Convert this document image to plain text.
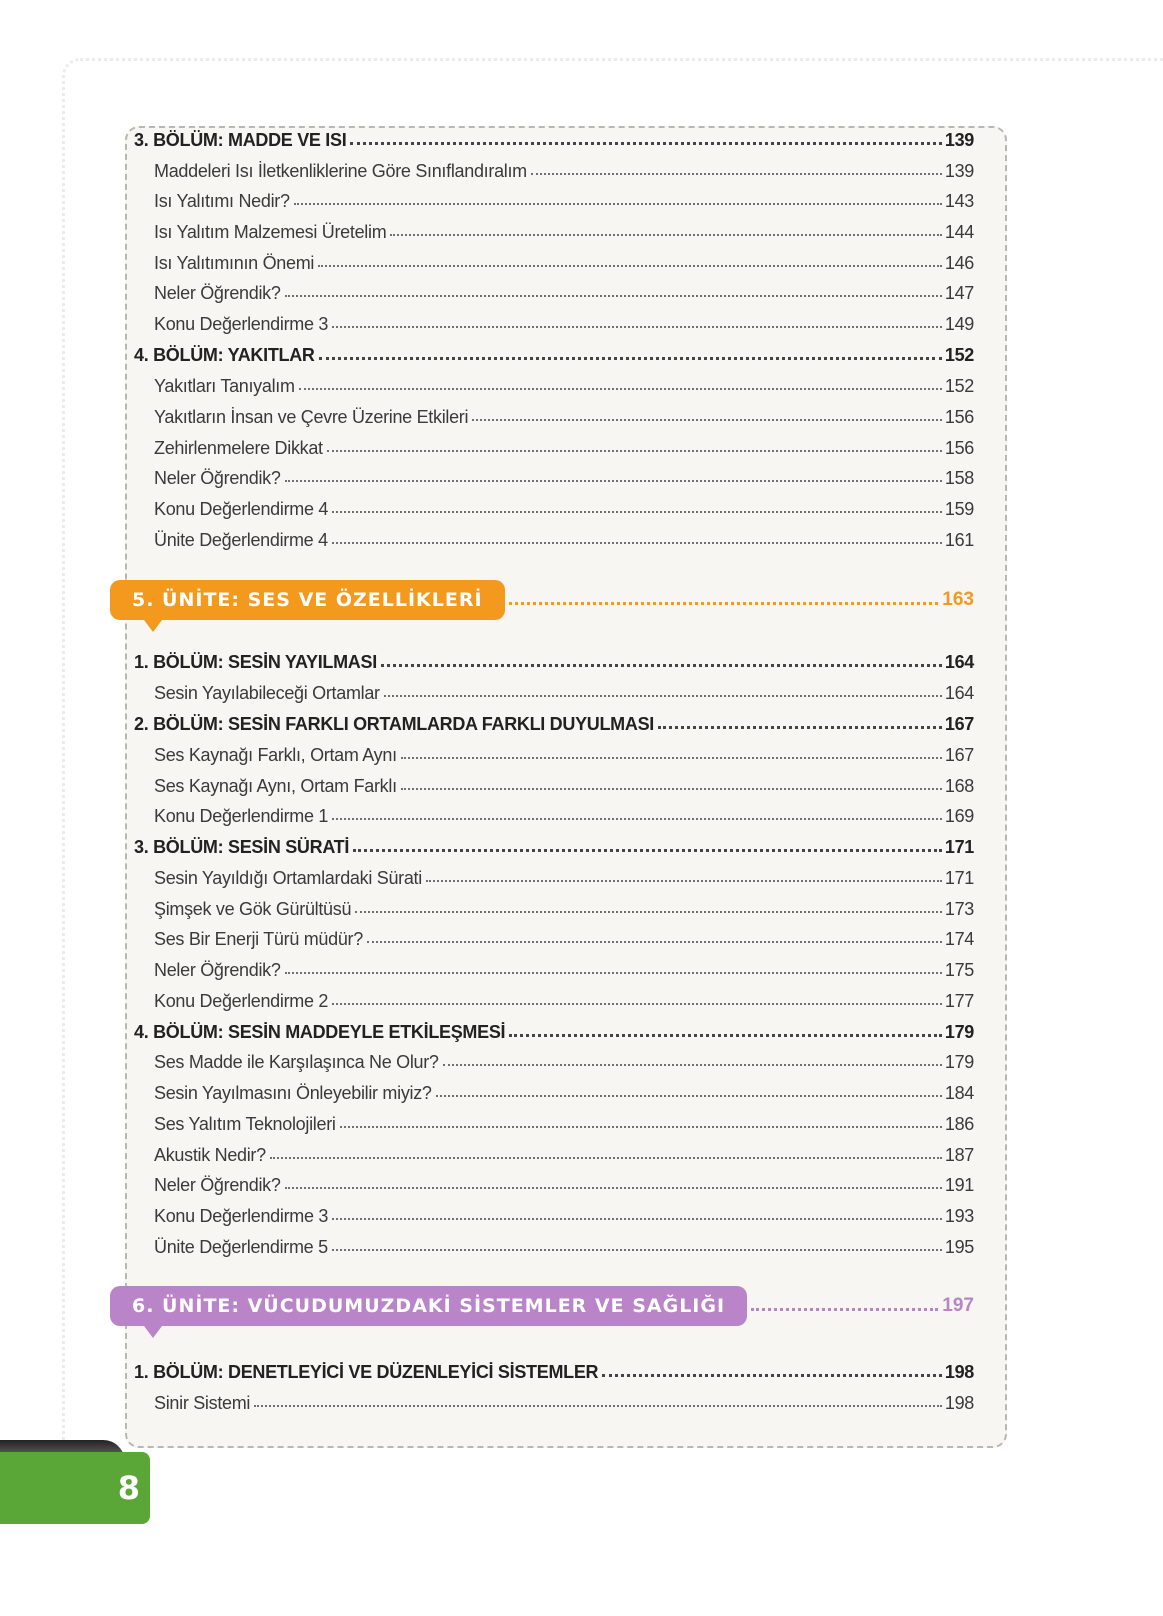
3. BÖLÜM: MADDE VE ISI	139
Maddeleri Isı İletkenliklerine Göre Sınıflandıralım	139
Isı Yalıtımı Nedir?	143
Isı Yalıtım Malzemesi Üretelim	144
Isı Yalıtımının Önemi	146
Neler Öğrendik?	147
Konu Değerlendirme 3	149
4. BÖLÜM: YAKITLAR	152
Yakıtları Tanıyalım	152
Yakıtların İnsan ve Çevre Üzerine Etkileri	156
Zehirlenmelere Dikkat	156
Neler Öğrendik?	158
Konu Değerlendirme 4	159
Ünite Değerlendirme 4	161
5. ÜNİTE: SES VE ÖZELLİKLERİ	163
1. BÖLÜM: SESİN YAYILMASI	164
Sesin Yayılabileceği Ortamlar	164
2. BÖLÜM: SESİN FARKLI ORTAMLARDA FARKLI DUYULMASI	167
Ses Kaynağı Farklı, Ortam Aynı	167
Ses Kaynağı Aynı, Ortam Farklı	168
Konu Değerlendirme 1	169
3. BÖLÜM: SESİN SÜRATİ	171
Sesin Yayıldığı Ortamlardaki Sürati	171
Şimşek ve Gök Gürültüsü	173
Ses Bir Enerji Türü müdür?	174
Neler Öğrendik?	175
Konu Değerlendirme 2	177
4. BÖLÜM: SESİN MADDEYLE ETKİLEŞMESİ	179
Ses Madde ile Karşılaşınca Ne Olur?	179
Sesin Yayılmasını Önleyebilir miyiz?	184
Ses Yalıtım Teknolojileri	186
Akustik Nedir?	187
Neler Öğrendik?	191
Konu Değerlendirme 3	193
Ünite Değerlendirme 5	195
6. ÜNİTE: VÜCUDUMUZDAKİ SİSTEMLER VE SAĞLIĞI	197
1. BÖLÜM: DENETLEYİCİ VE DÜZENLEYİCİ SİSTEMLER	198
Sinir Sistemi	198
8
